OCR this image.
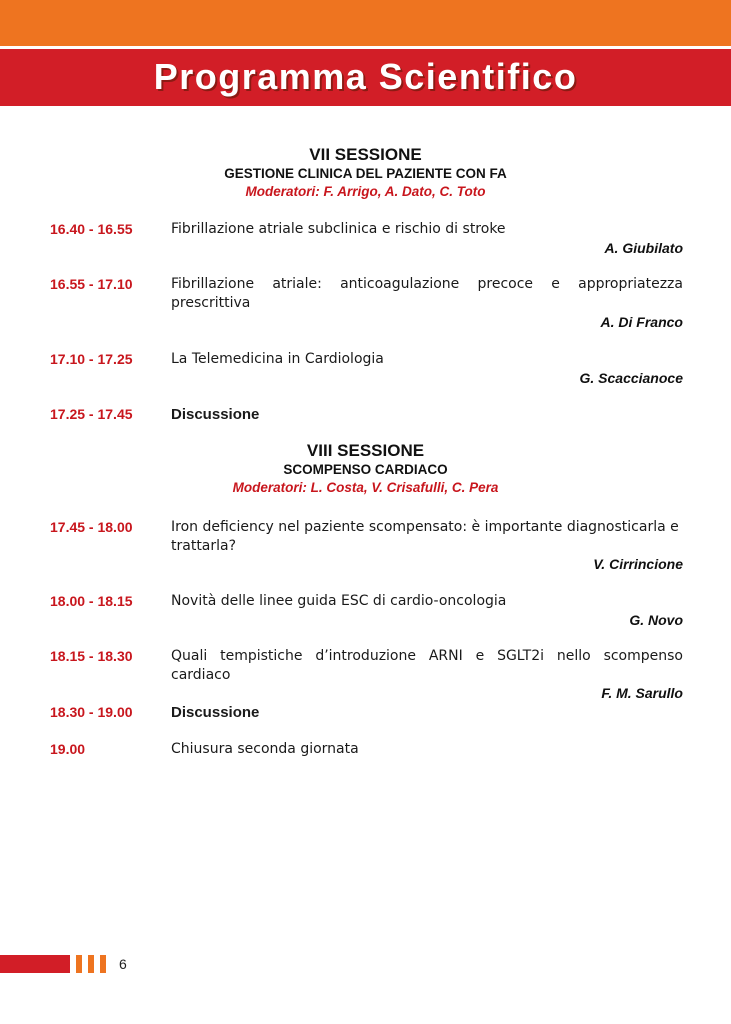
Programma Scientifico
VII SESSIONE
GESTIONE CLINICA DEL PAZIENTE CON FA
Moderatori: F. Arrigo, A. Dato, C. Toto
16.40 - 16.55	Fibrillazione atriale subclinica e rischio di stroke
A. Giubilato
16.55 - 17.10	Fibrillazione atriale: anticoagulazione precoce e appropriatezza prescrittiva
A. Di Franco
17.10 - 17.25	La Telemedicina in Cardiologia
G. Scaccianoce
17.25 - 17.45	Discussione
VIII SESSIONE
SCOMPENSO CARDIACO
Moderatori: L. Costa, V. Crisafulli, C. Pera
17.45 - 18.00	Iron deficiency nel paziente scompensato: è importante diagnosticarla e trattarla?
V. Cirrincione
18.00 - 18.15	Novità delle linee guida ESC di cardio-oncologia
G. Novo
18.15 - 18.30	Quali tempistiche d’introduzione ARNI e SGLT2i nello scompenso cardiaco
F. M. Sarullo
18.30 - 19.00	Discussione
19.00	Chiusura seconda giornata
6
